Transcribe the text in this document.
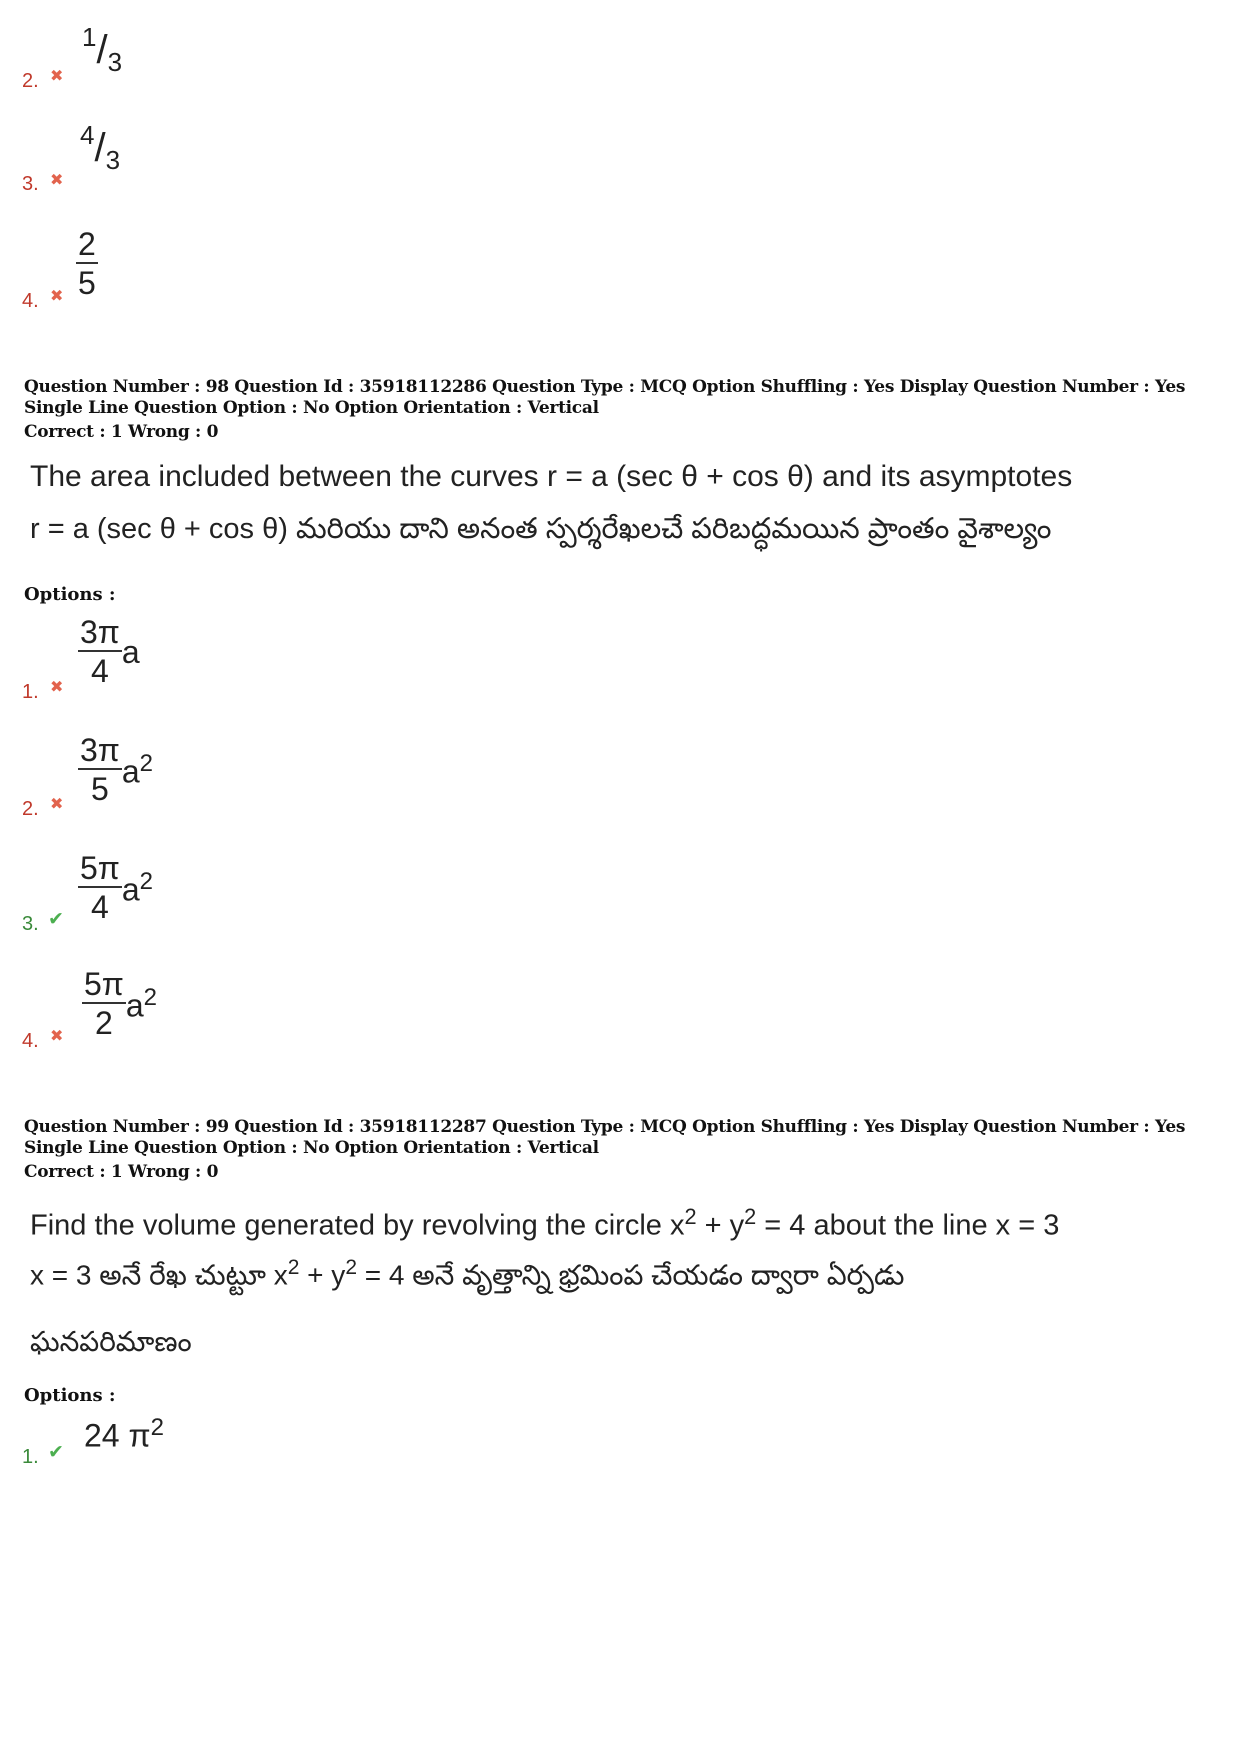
2. ✖
$^1$/3
3. ✖
$^4$/3
4. ✖ $\frac{2}{5}$
Question Number : 98 Question Id : 35918112286 Question Type : MCQ Option Shuffling : Yes Display Question Number : Yes
Single Line Question Option : No Option Orientation : Vertical
Correct : 1 Wrong : 0
The area included between the curves r = a (sec θ + cos θ) and its asymptotes
r = a (sec θ + cos θ) మరియు దాని అనంత స్పర్శరేఖలచే పరిబద్ధమయిన ప్రాంతం వైశాల్యం
Options :
1. ✖ $\frac{3\pi}{4}$ a
2. ✖ $\frac{3\pi}{5} a^2$
3. ✔ $\frac{5\pi}{4} a^2$
4. ✖ $\frac{5\pi}{2} a^2$
Question Number : 99 Question Id : 35918112287 Question Type : MCQ Option Shuffling : Yes Display Question Number : Yes
Single Line Question Option : No Option Orientation : Vertical
Correct : 1 Wrong : 0
Find the volume generated by revolving the circle $x^2 + y^2 = 4$ about the line x = 3
x = 3 అనే రేఖ చుట్టూ $x^2 + y^2 = 4$ అనే వృత్తాన్ని భ్రమింప చేయడం ద్వారా ఏర్పడు
ఘనపరిమాణం
Options :
1. ✔ 24 $\pi^2$
